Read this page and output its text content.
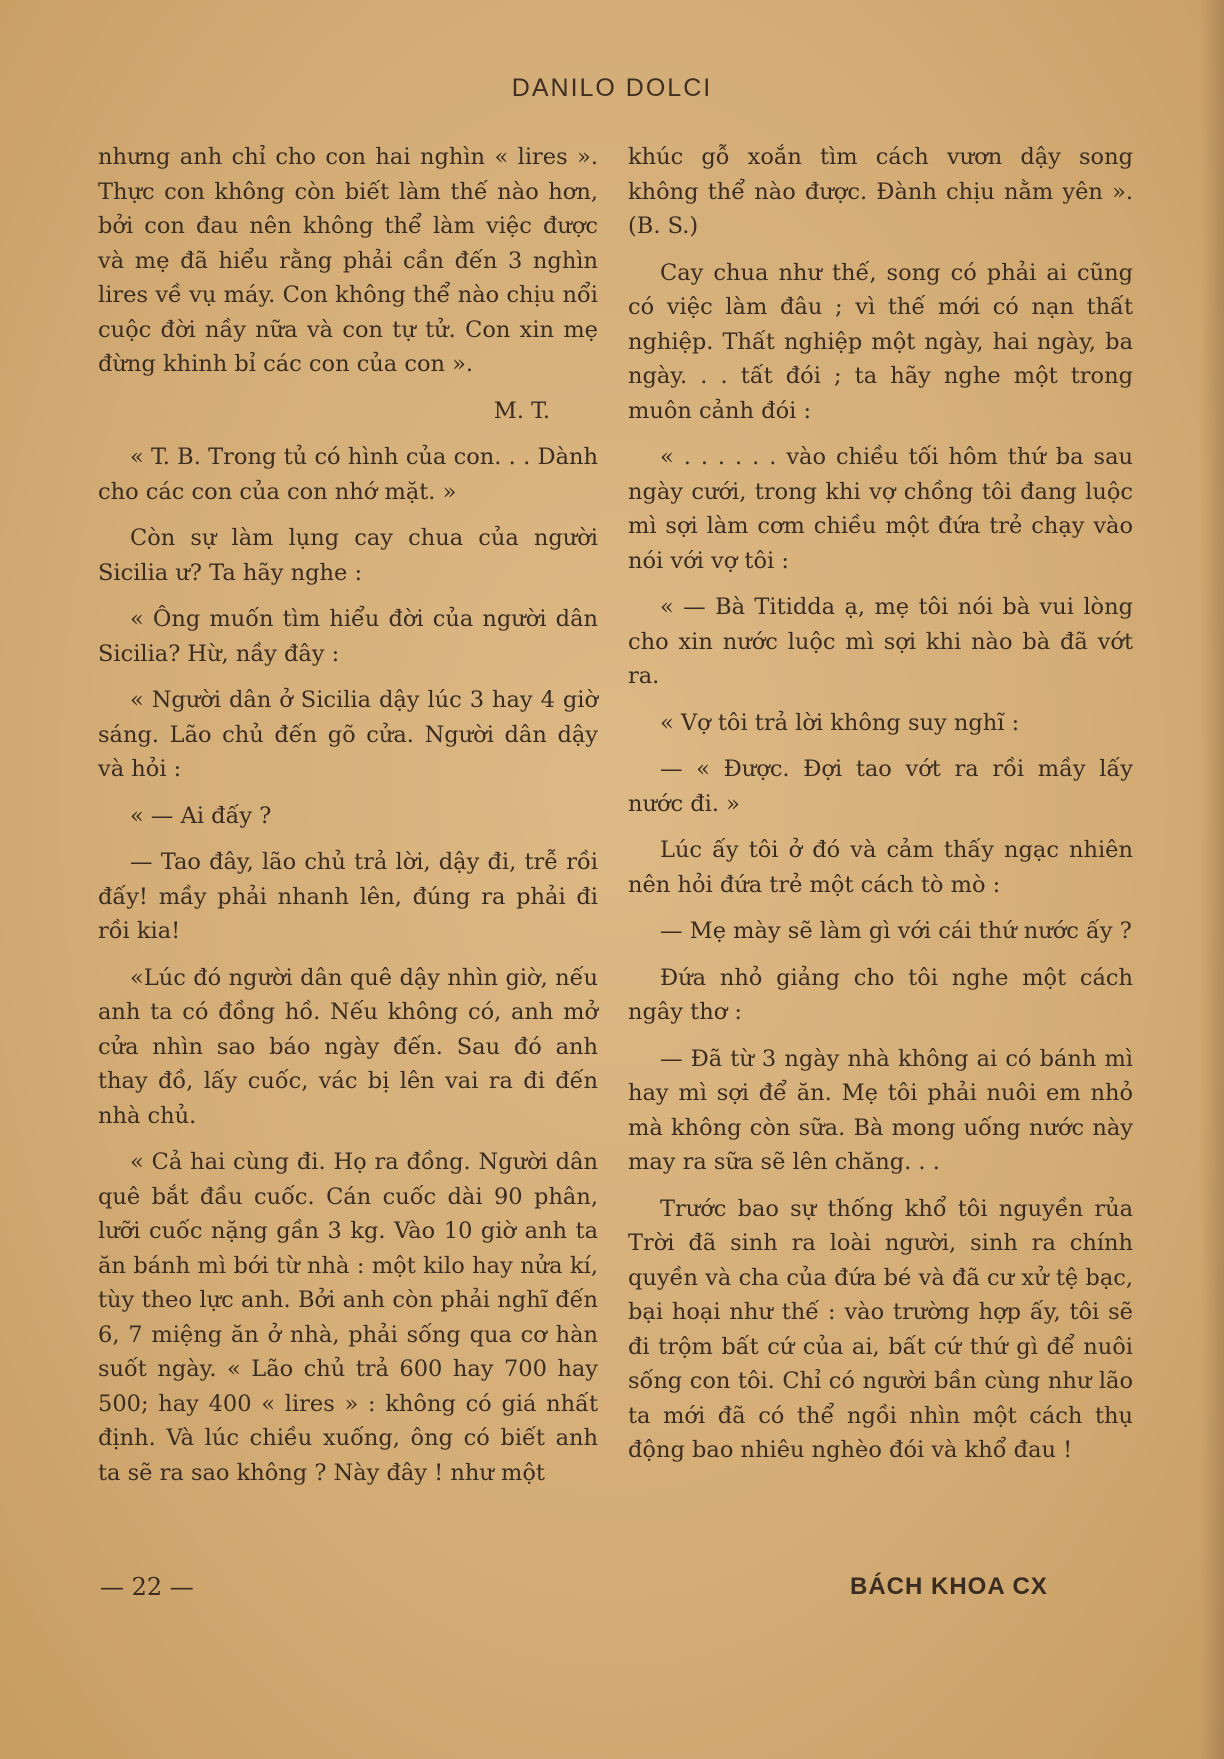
DANILO DOLCI
nhưng anh chỉ cho con hai nghìn « lires ». Thực con không còn biết làm thế nào hơn, bởi con đau nên không thể làm việc được và mẹ đã hiểu rằng phải cần đến 3 nghìn lires về vụ máy. Con không thể nào chịu nổi cuộc đời nầy nữa và con tự tử. Con xin mẹ đừng khinh bỉ các con của con ».
M. T.
« T. B. Trong tủ có hình của con. . . Dành cho các con của con nhớ mặt. »
Còn sự làm lụng cay chua của người Sicilia ư? Ta hãy nghe :
« Ông muốn tìm hiểu đời của người dân Sicilia? Hừ, nầy đây :
« Người dân ở Sicilia dậy lúc 3 hay 4 giờ sáng. Lão chủ đến gõ cửa. Người dân dậy và hỏi :
« — Ai đấy ?
— Tao đây, lão chủ trả lời, dậy đi, trễ rồi đấy! mầy phải nhanh lên, đúng ra phải đi rồi kia!
«Lúc đó người dân quê dậy nhìn giờ, nếu anh ta có đồng hồ. Nếu không có, anh mở cửa nhìn sao báo ngày đến. Sau đó anh thay đồ, lấy cuốc, vác bị lên vai ra đi đến nhà chủ.
« Cả hai cùng đi. Họ ra đồng. Người dân quê bắt đầu cuốc. Cán cuốc dài 90 phân, lưỡi cuốc nặng gần 3 kg. Vào 10 giờ anh ta ăn bánh mì bới từ nhà : một kilo hay nửa kí, tùy theo lực anh. Bởi anh còn phải nghĩ đến 6, 7 miệng ăn ở nhà, phải sống qua cơ hàn suốt ngày. « Lão chủ trả 600 hay 700 hay 500; hay 400 « lires » : không có giá nhất định. Và lúc chiều xuống, ông có biết anh ta sẽ ra sao không ? Này đây ! như một
khúc gỗ xoắn tìm cách vươn dậy song không thể nào được. Đành chịu nằm yên ». (B. S.)
Cay chua như thế, song có phải ai cũng có việc làm đâu ; vì thế mới có nạn thất nghiệp. Thất nghiệp một ngày, hai ngày, ba ngày. . . tất đói ; ta hãy nghe một trong muôn cảnh đói :
« . . . . . . vào chiều tối hôm thứ ba sau ngày cưới, trong khi vợ chồng tôi đang luộc mì sợi làm cơm chiều một đứa trẻ chạy vào nói với vợ tôi :
« — Bà Titidda ạ, mẹ tôi nói bà vui lòng cho xin nước luộc mì sợi khi nào bà đã vớt ra.
« Vợ tôi trả lời không suy nghĩ :
— « Được. Đợi tao vớt ra rồi mầy lấy nước đi. »
Lúc ấy tôi ở đó và cảm thấy ngạc nhiên nên hỏi đứa trẻ một cách tò mò :
— Mẹ mày sẽ làm gì với cái thứ nước ấy ?
Đứa nhỏ giảng cho tôi nghe một cách ngây thơ :
— Đã từ 3 ngày nhà không ai có bánh mì hay mì sợi để ăn. Mẹ tôi phải nuôi em nhỏ mà không còn sữa. Bà mong uống nước này may ra sữa sẽ lên chăng. . .
Trước bao sự thống khổ tôi nguyền rủa Trời đã sinh ra loài người, sinh ra chính quyền và cha của đứa bé và đã cư xử tệ bạc, bại hoại như thế : vào trường hợp ấy, tôi sẽ đi trộm bất cứ của ai, bất cứ thứ gì để nuôi sống con tôi. Chỉ có người bần cùng như lão ta mới đã có thể ngồi nhìn một cách thụ động bao nhiêu nghèo đói và khổ đau !
— 22 —	BÁCH KHOA CX
